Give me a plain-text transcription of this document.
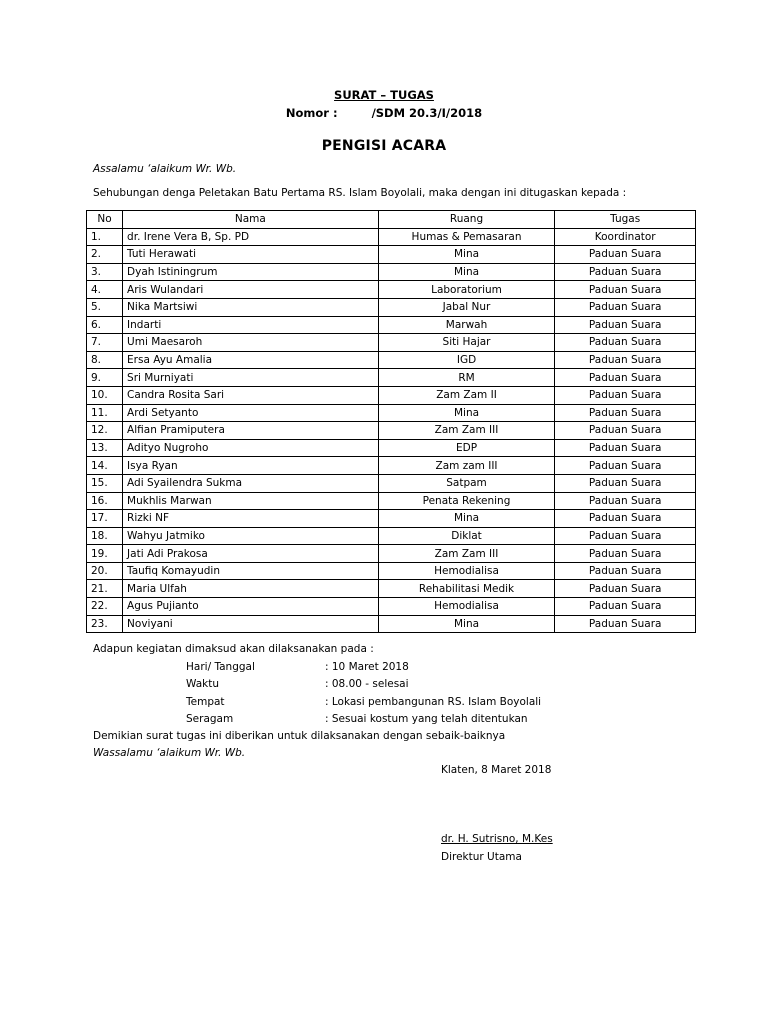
SURAT – TUGAS
Nomor :	/SDM 20.3/I/2018
PENGISI ACARA
Assalamu ‘alaikum Wr. Wb.
Sehubungan denga Peletakan Batu Pertama RS. Islam Boyolali, maka dengan ini ditugaskan kepada :
No	Nama	Ruang	Tugas
1.	dr. Irene Vera B, Sp. PD	Humas & Pemasaran	Koordinator
2.	Tuti Herawati	Mina	Paduan Suara
3.	Dyah Istiningrum	Mina	Paduan Suara
4.	Aris Wulandari	Laboratorium	Paduan Suara
5.	Nika Martsiwi	Jabal Nur	Paduan Suara
6.	Indarti	Marwah	Paduan Suara
7.	Umi Maesaroh	Siti Hajar	Paduan Suara
8.	Ersa Ayu Amalia	IGD	Paduan Suara
9.	Sri Murniyati	RM	Paduan Suara
10.	Candra Rosita Sari	Zam Zam II	Paduan Suara
11.	Ardi Setyanto	Mina	Paduan Suara
12.	Alfian Pramiputera	Zam Zam III	Paduan Suara
13.	Adityo Nugroho	EDP	Paduan Suara
14.	Isya Ryan	Zam zam III	Paduan Suara
15.	Adi Syailendra Sukma	Satpam	Paduan Suara
16.	Mukhlis Marwan	Penata Rekening	Paduan Suara
17.	Rizki NF	Mina	Paduan Suara
18.	Wahyu Jatmiko	Diklat	Paduan Suara
19.	Jati Adi Prakosa	Zam Zam III	Paduan Suara
20.	Taufiq Komayudin	Hemodialisa	Paduan Suara
21.	Maria Ulfah	Rehabilitasi Medik	Paduan Suara
22.	Agus Pujianto	Hemodialisa	Paduan Suara
23.	Noviyani	Mina	Paduan Suara
Adapun kegiatan dimaksud akan dilaksanakan pada :
Hari/ Tanggal	: 10 Maret 2018
Waktu	: 08.00 - selesai
Tempat	: Lokasi pembangunan RS. Islam Boyolali
Seragam	: Sesuai kostum yang telah ditentukan
Demikian surat tugas ini diberikan untuk dilaksanakan dengan sebaik-baiknya
Wassalamu ‘alaikum Wr. Wb.
Klaten, 8 Maret 2018
dr. H. Sutrisno, M.Kes
Direktur Utama
